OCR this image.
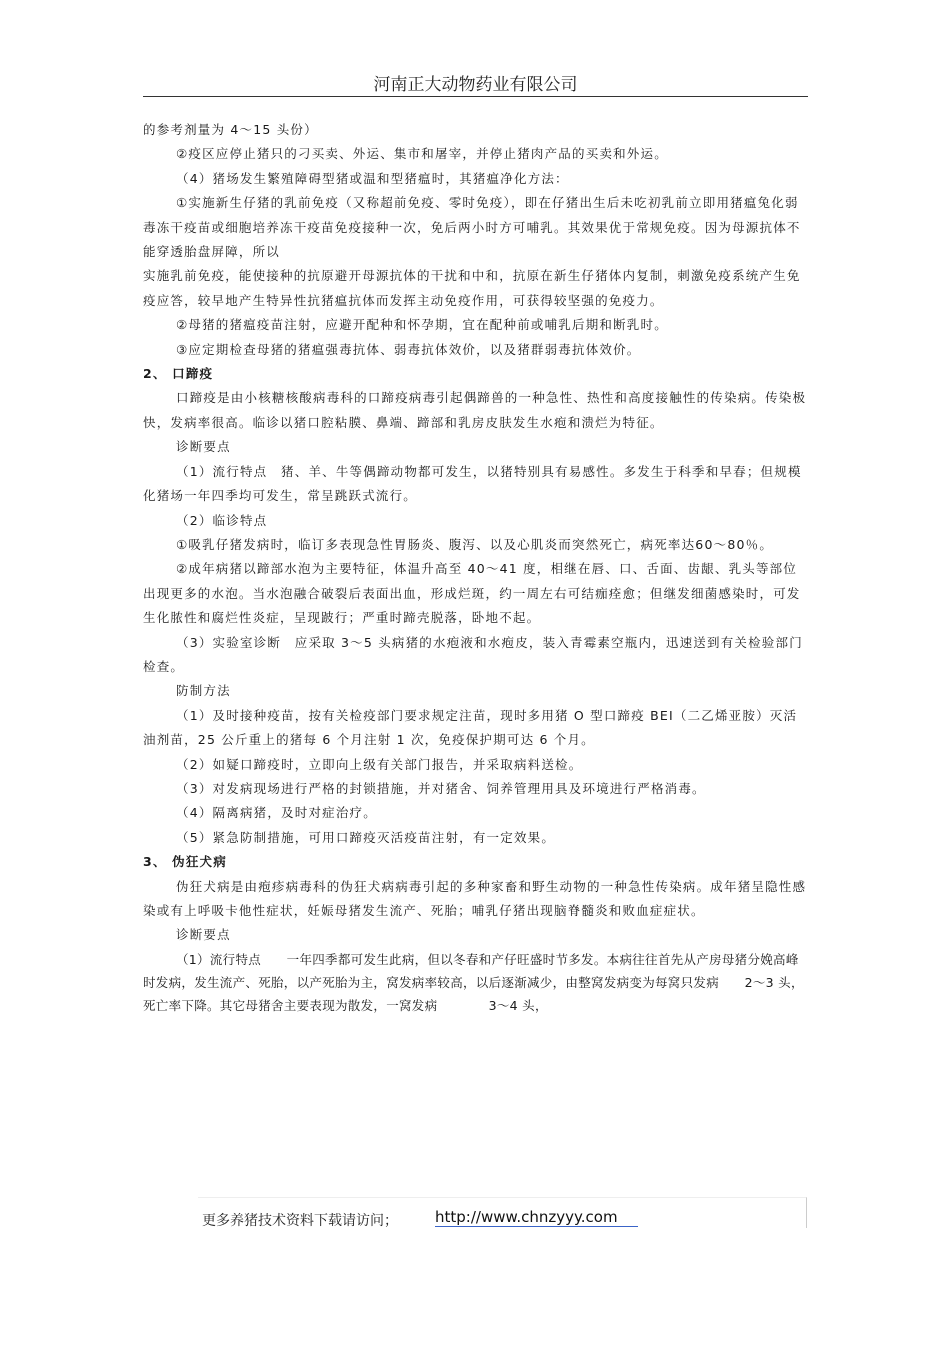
河南正大动物药业有限公司

的参考剂量为 4～15 头份）

②疫区应停止猪只的刁买卖、外运、集市和屠宰，并停止猪肉产品的买卖和外运。

（4）猪场发生繁殖障碍型猪或温和型猪瘟时，其猪瘟净化方法：

①实施新生仔猪的乳前免疫（又称超前免疫、零时免疫），即在仔猪出生后未吃初乳前立即用猪瘟兔化弱毒冻干疫苗或细胞培养冻干疫苗免疫接种一次，免后两小时方可哺乳。其效果优于常规免疫。因为母源抗体不能穿透胎盘屏障，所以

实施乳前免疫，能使接种的抗原避开母源抗体的干扰和中和，抗原在新生仔猪体内复制，刺激免疫系统产生免疫应答，较早地产生特异性抗猪瘟抗体而发挥主动免疫作用，可获得较坚强的免疫力。

②母猪的猪瘟疫苗注射，应避开配种和怀孕期，宜在配种前或哺乳后期和断乳时。

③应定期检查母猪的猪瘟强毒抗体、弱毒抗体效价，以及猪群弱毒抗体效价。

2、 口蹄疫

口蹄疫是由小核糖核酸病毒科的口蹄疫病毒引起偶蹄兽的一种急性、热性和高度接触性的传染病。传染极快，发病率很高。临诊以猪口腔粘膜、鼻端、蹄部和乳房皮肤发生水疱和溃烂为特征。

诊断要点

（1）流行特点　猪、羊、牛等偶蹄动物都可发生，以猪特别具有易感性。多发生于科季和早春；但规模化猪场一年四季均可发生，常呈跳跃式流行。

（2）临诊特点

①吸乳仔猪发病时，临订多表现急性胃肠炎、腹泻、以及心肌炎而突然死亡，病死率达60～80％。

②成年病猪以蹄部水泡为主要特征，体温升高至 40～41 度，相继在唇、口、舌面、齿龈、乳头等部位出现更多的水泡。当水泡融合破裂后表面出血，形成烂斑，约一周左右可结痂痊愈；但继发细菌感染时，可发生化脓性和腐烂性炎症，呈现跛行；严重时蹄壳脱落，卧地不起。

（3）实验室诊断　应采取 3～5 头病猪的水疱液和水疱皮，装入青霉素空瓶内，迅速送到有关检验部门检查。

防制方法

（1）及时接种疫苗，按有关检疫部门要求规定注苗，现时多用猪 O 型口蹄疫 BEI（二乙烯亚胺）灭活油剂苗，25 公斤重上的猪每 6 个月注射 1 次，免疫保护期可达 6 个月。

（2）如疑口蹄疫时，立即向上级有关部门报告，并采取病料送检。

（3）对发病现场进行严格的封锁措施，并对猪舍、饲养管理用具及环境进行严格消毒。

（4）隔离病猪，及时对症治疗。

（5）紧急防制措施，可用口蹄疫灭活疫苗注射，有一定效果。

3、 伪狂犬病

伪狂犬病是由疱疹病毒科的伪狂犬病病毒引起的多种家畜和野生动物的一种急性传染病。成年猪呈隐性感染或有上呼吸卡他性症状，妊娠母猪发生流产、死胎；哺乳仔猪出现脑脊髓炎和败血症症状。

诊断要点

（1）流行特点　　一年四季都可发生此病，但以冬春和产仔旺盛时节多发。本病往往首先从产房母猪分娩高峰时发病，发生流产、死胎，以产死胎为主，窝发病率较高，以后逐渐减少，由整窝发病变为每窝只发病　　2～3 头，死亡率下降。其它母猪舍主要表现为散发，一窝发病　　　　3～4 头，

更多养猪技术资料下载请访问； http://www.chnzyyy.com
